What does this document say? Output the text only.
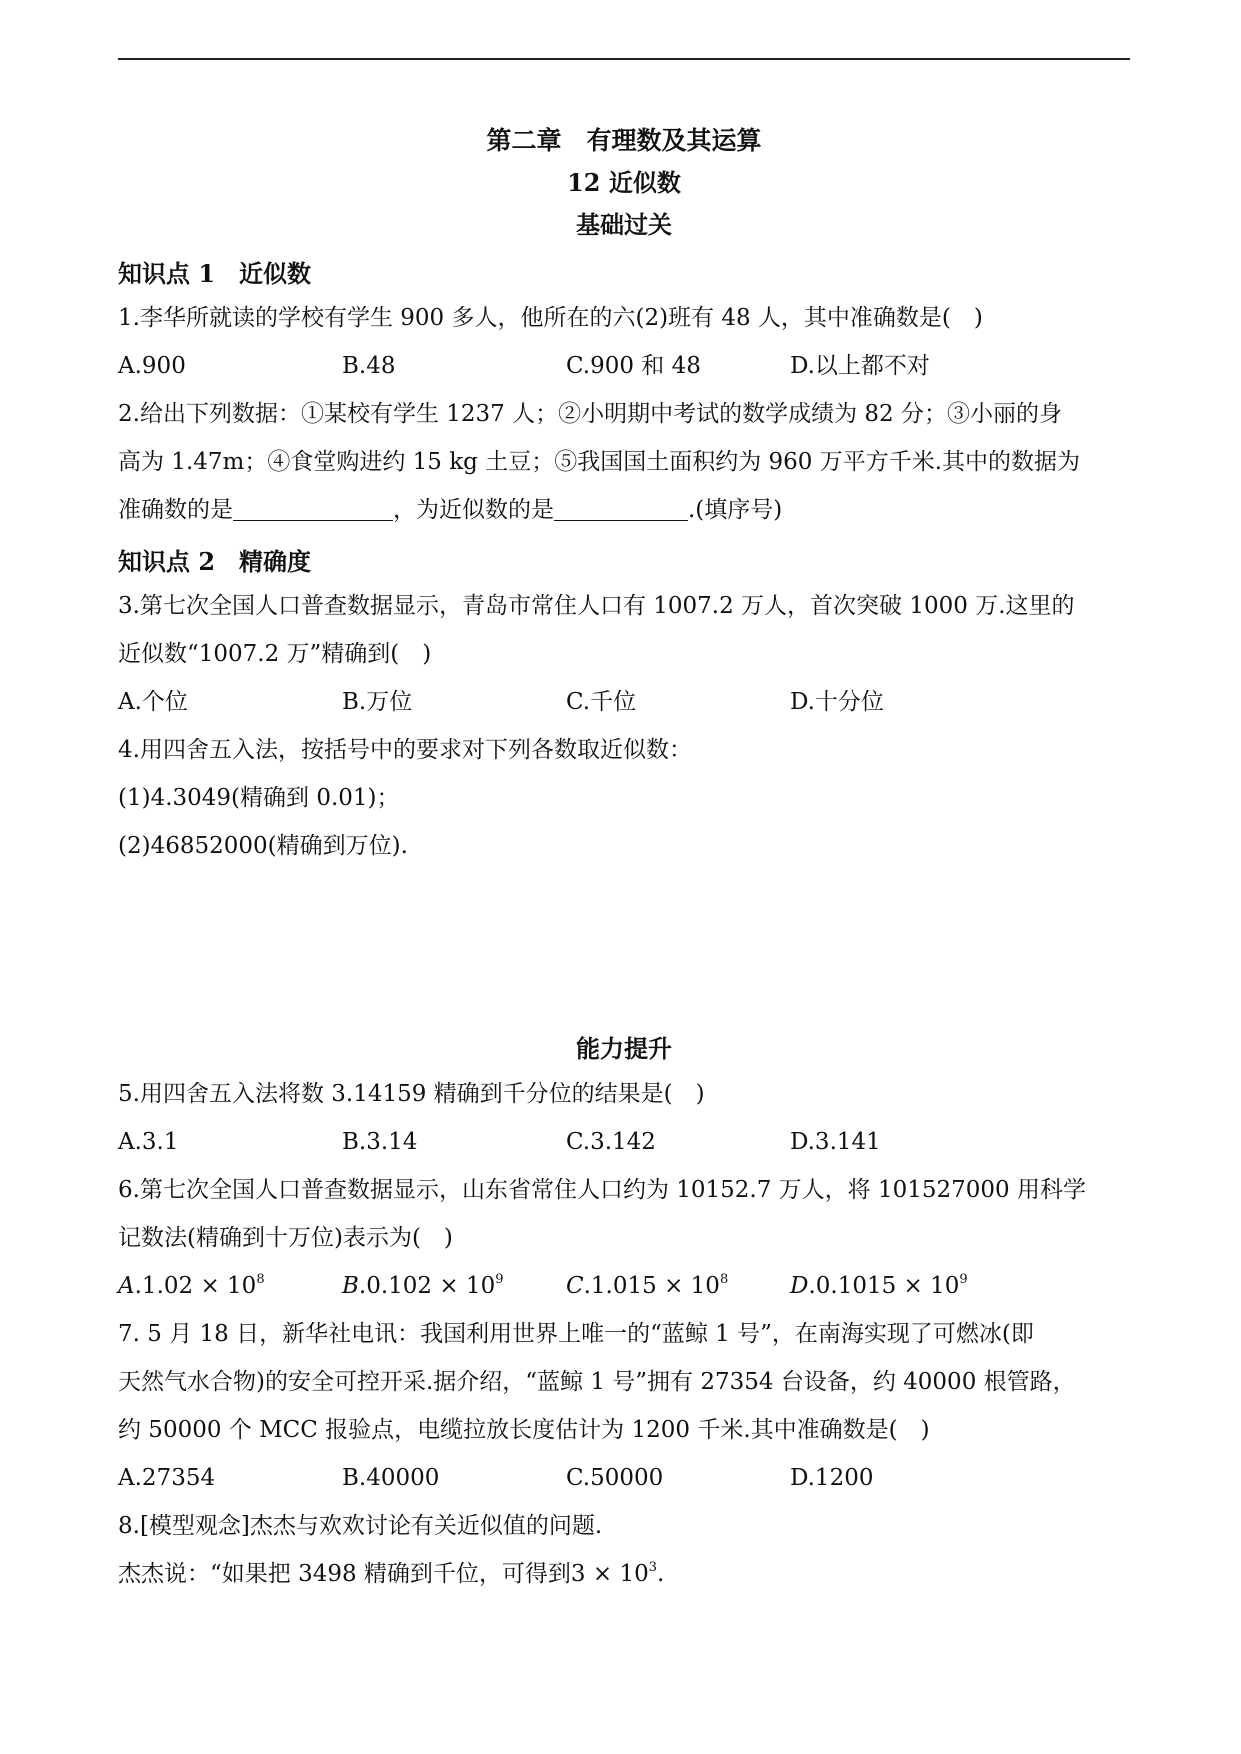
第二章　有理数及其运算
12 近似数
基础过关
知识点 1　近似数
1.李华所就读的学校有学生 900 多人，他所在的六(2)班有 48 人，其中准确数是(　)
A.900	B.48	C.900 和 48	D.以上都不对
2.给出下列数据：①某校有学生 1237 人；②小明期中考试的数学成绩为 82 分；③小丽的身
高为 1.47m；④食堂购进约 15 kg 土豆；⑤我国国土面积约为 960 万平方千米.其中的数据为
准确数的是	，为近似数的是	.(填序号)
知识点 2　精确度
3.第七次全国人口普查数据显示，青岛市常住人口有 1007.2 万人，首次突破 1000 万.这里的
近似数“1007.2 万”精确到(　)
A.个位	B.万位	C.千位	D.十分位
4.用四舍五入法，按括号中的要求对下列各数取近似数：
(1)4.3049(精确到 0.01)；
(2)46852000(精确到万位).
能力提升
5.用四舍五入法将数 3.14159 精确到千分位的结果是(　)
A.3.1	B.3.14	C.3.142	D.3.141
6.第七次全国人口普查数据显示，山东省常住人口约为 10152.7 万人，将 101527000 用科学
记数法(精确到十万位)表示为(　)
$A.1.02 \times 10^8$	$B.0.102 \times 10^9$	$C.1.015 \times 10^8$	$D.0.1015 \times 10^9$
7. 5 月 18 日，新华社电讯：我国利用世界上唯一的“蓝鲸 1 号”，在南海实现了可燃冰(即
天然气水合物)的安全可控开采.据介绍，“蓝鲸 1 号”拥有 27354 台设备，约 40000 根管路，
约 50000 个 MCC 报验点，电缆拉放长度估计为 1200 千米.其中准确数是(　)
A.27354	B.40000	C.50000	D.1200
8.[模型观念]杰杰与欢欢讨论有关近似值的问题.
杰杰说：“如果把 3498 精确到千位，可得到$3 \times 10^3$.
